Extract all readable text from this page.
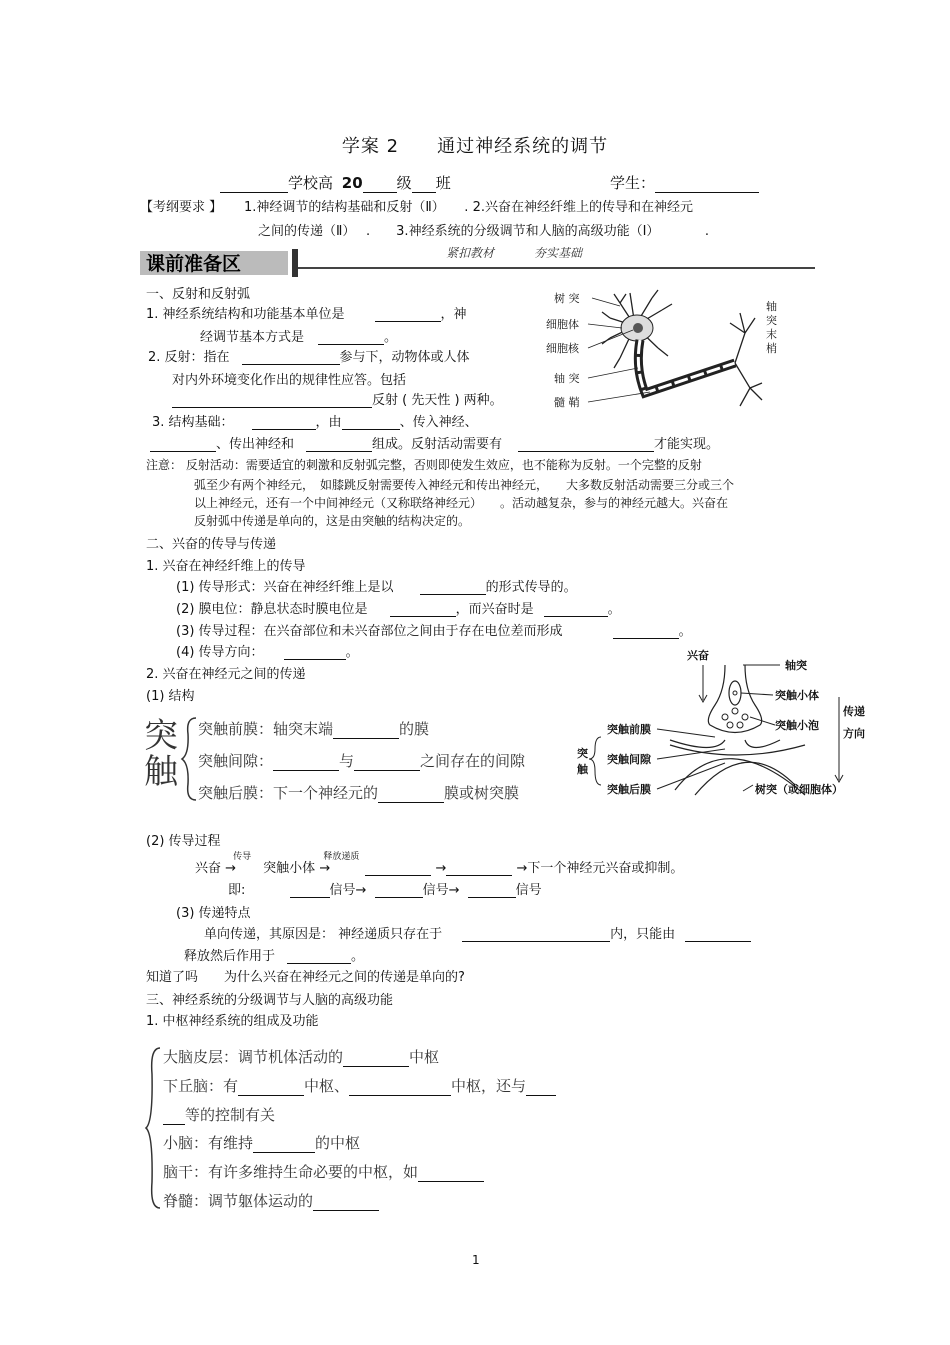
学案 2　　通过神经系统的调节
学校高 20 级 班	学生：
【考纲要求 】 1.神经调节的结构基础和反射（Ⅱ）　　. 2.兴奋在神经纤维上的传导和在神经元
之间的传递（Ⅱ）　 .　　3.神经系统的分级调节和人脑的高级功能（Ⅰ）　　　　.
课前准备区	紧扣教材	夯实基础
一、反射和反射弧
1. 神经系统结构和功能基本单位是	，神
经调节基本方式是	。
2. 反射：指在	参与下，动物体或人体
对内外环境变化作出的规律性应答。包括
反射 ( 先天性 ) 两种。
3. 结构基础：	，由	、传入神经、
、传出神经和	组成。反射活动需要有	才能实现。
注意： 反射活动：需要适宜的刺激和反射弧完整，否则即使发生效应，也不能称为反射。一个完整的反射
弧至少有两个神经元，　如膝跳反射需要传入神经元和传出神经元，　　大多数反射活动需要三分或三个
以上神经元，还有一个中间神经元（又称联络神经元）　　。活动越复杂，参与的神经元越大。兴奋在
反射弧中传递是单向的，这是由突触的结构决定的。
树 突
细胞体
细胞核
轴 突
髓 鞘
轴
突
末
梢
二、兴奋的传导与传递
1. 兴奋在神经纤维上的传导
(1) 传导形式：兴奋在神经纤维上是以	的形式传导的。
(2) 膜电位：静息状态时膜电位是	，而兴奋时是	。
(3) 传导过程：在兴奋部位和未兴奋部位之间由于存在电位差而形成	。
(4) 传导方向：	。
2. 兴奋在神经元之间的传递
(1) 结构
突
触
突触前膜：轴突末端	的膜
突触间隙：	与	之间存在的间隙
突触后膜：下一个神经元的	膜或树突膜
兴奋
轴突
突触小体
突触小泡
传递
方向
突触前膜
突触间隙
突触后膜
突
触
树突（或细胞体）
(2) 传导过程
兴奋
传导
→ 突触小体
释放递质
→	→	→下一个神经元兴奋或抑制。
即:	信号→	信号→	信号
(3) 传递特点
单向传递，其原因是： 神经递质只存在于	内，只能由
释放然后作用于	。
知道了吗　　为什么兴奋在神经元之间的传递是单向的?
三、神经系统的分级调节与人脑的高级功能
1. 中枢神经系统的组成及功能
大脑皮层：调节机体活动的	中枢
下丘脑：有	中枢、	中枢，还与
等的控制有关
小脑：有维持	的中枢
脑干：有许多维持生命必要的中枢，如
脊髓：调节躯体运动的
1
